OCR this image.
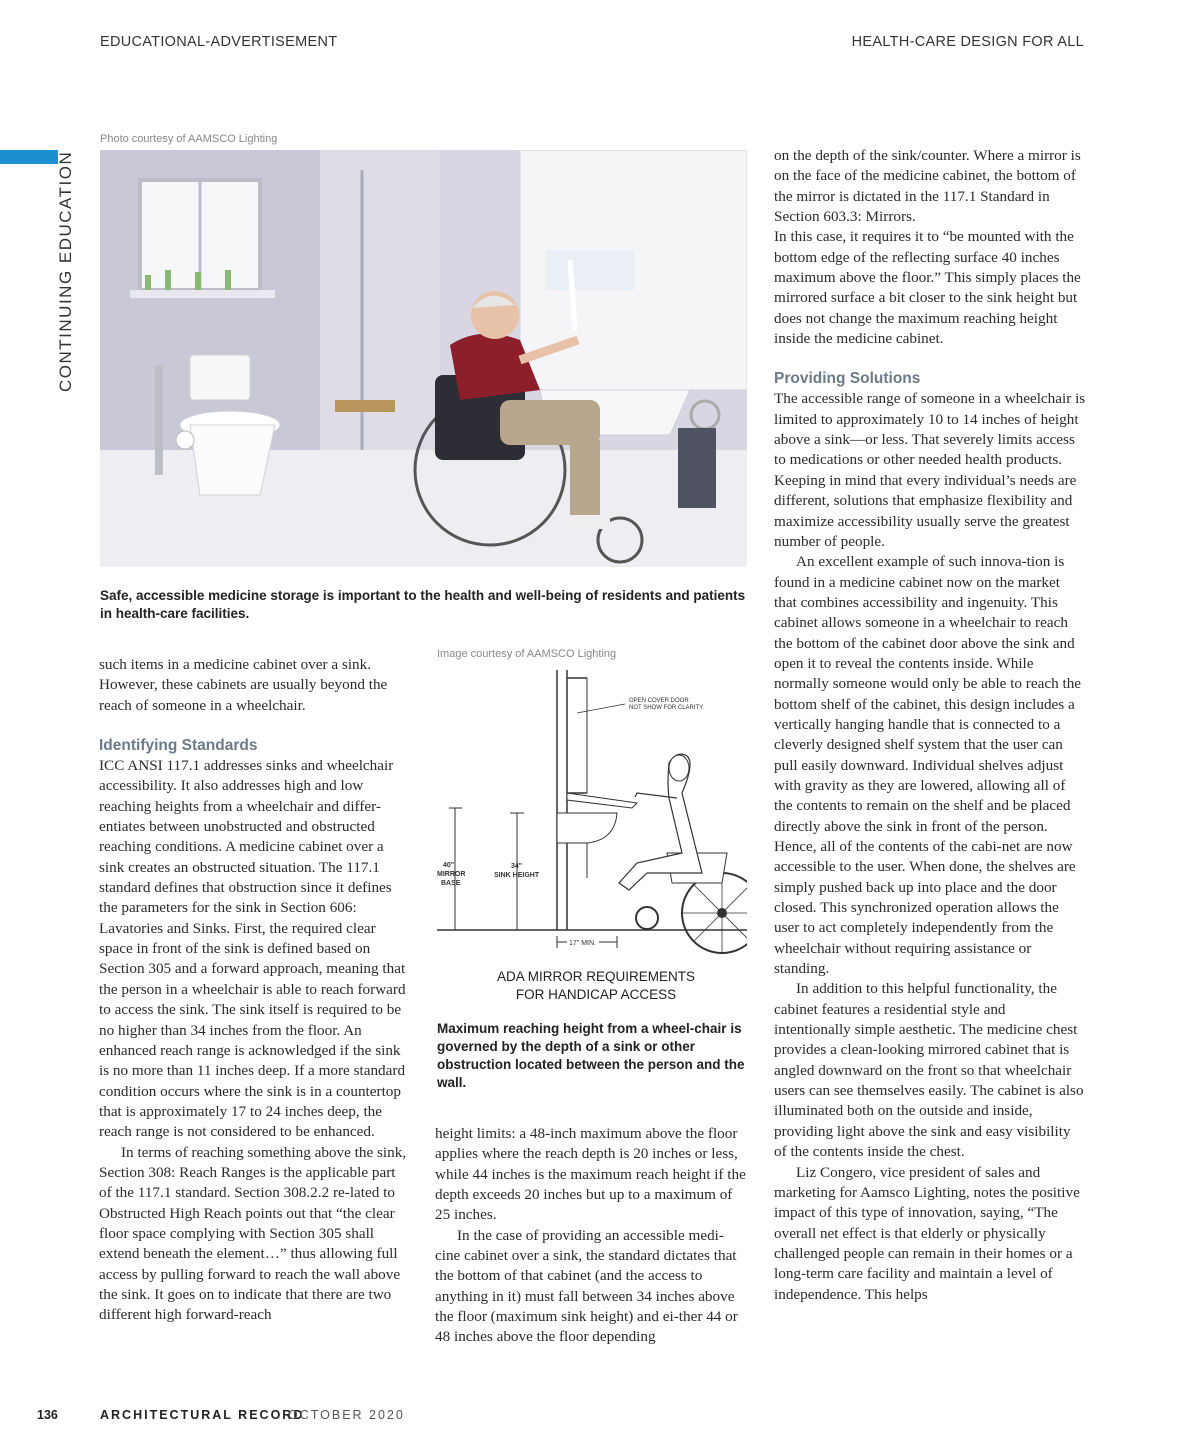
EDUCATIONAL-ADVERTISEMENT	HEALTH-CARE DESIGN FOR ALL
CONTINUING EDUCATION
Photo courtesy of AAMSCO Lighting
Safe, accessible medicine storage is important to the health and well-being of residents and patients in health-care facilities.
Image courtesy of AAMSCO Lighting
OPEN COVER DOOR
NOT SHOW FOR CLARITY
40"
MIRROR
BASE
34"
SINK HEIGHT
17" MIN.
ADA MIRROR REQUIREMENTS
FOR HANDICAP ACCESS
Maximum reaching height from a wheel-chair is governed by the depth of a sink or other obstruction located between the person and the wall.

such items in a medicine cabinet over a sink. However, these cabinets are usually beyond the reach of someone in a wheelchair.

Identifying Standards

ICC ANSI 117.1 addresses sinks and wheelchair accessibility. It also addresses high and low reaching heights from a wheelchair and differ-entiates between unobstructed and obstructed reaching conditions. A medicine cabinet over a sink creates an obstructed situation. The 117.1 standard defines that obstruction since it defines the parameters for the sink in Section 606: Lavatories and Sinks. First, the required clear space in front of the sink is defined based on Section 305 and a forward approach, meaning that the person in a wheelchair is able to reach forward to access the sink. The sink itself is required to be no higher than 34 inches from the floor. An enhanced reach range is acknowledged if the sink is no more than 11 inches deep. If a more standard condition occurs where the sink is in a countertop that is approximately 17 to 24 inches deep, the reach range is not considered to be enhanced.

In terms of reaching something above the sink, Section 308: Reach Ranges is the applicable part of the 117.1 standard. Section 308.2.2 re-lated to Obstructed High Reach points out that “the clear floor space complying with Section 305 shall extend beneath the element…” thus allowing full access by pulling forward to reach the wall above the sink. It goes on to indicate that there are two different high forward-reach

height limits: a 48-inch maximum above the floor applies where the reach depth is 20 inches or less, while 44 inches is the maximum reach height if the depth exceeds 20 inches but up to a maximum of 25 inches.

In the case of providing an accessible medi-cine cabinet over a sink, the standard dictates that the bottom of that cabinet (and the access to anything in it) must fall between 34 inches above the floor (maximum sink height) and ei-ther 44 or 48 inches above the floor depending

on the depth of the sink/counter. Where a mirror is on the face of the medicine cabinet, the bottom of the mirror is dictated in the 117.1 Standard in Section 603.3: Mirrors.

In this case, it requires it to “be mounted with the bottom edge of the reflecting surface 40 inches maximum above the floor.” This simply places the mirrored surface a bit closer to the sink height but does not change the maximum reaching height inside the medicine cabinet.

Providing Solutions

The accessible range of someone in a wheelchair is limited to approximately 10 to 14 inches of height above a sink—or less. That severely limits access to medications or other needed health products. Keeping in mind that every individual’s needs are different, solutions that emphasize flexibility and maximize accessibility usually serve the greatest number of people.

An excellent example of such innova-tion is found in a medicine cabinet now on the market that combines accessibility and ingenuity. This cabinet allows someone in a wheelchair to reach the bottom of the cabinet door above the sink and open it to reveal the contents inside. While normally someone would only be able to reach the bottom shelf of the cabinet, this design includes a vertically hanging handle that is connected to a cleverly designed shelf system that the user can pull easily downward. Individual shelves adjust with gravity as they are lowered, allowing all of the contents to remain on the shelf and be placed directly above the sink in front of the person. Hence, all of the contents of the cabi-net are now accessible to the user. When done, the shelves are simply pushed back up into place and the door closed. This synchronized operation allows the user to act completely independently from the wheelchair without requiring assistance or standing.

In addition to this helpful functionality, the cabinet features a residential style and intentionally simple aesthetic. The medicine chest provides a clean-looking mirrored cabinet that is angled downward on the front so that wheelchair users can see themselves easily. The cabinet is also illuminated both on the outside and inside, providing light above the sink and easy visibility of the contents inside the chest.

Liz Congero, vice president of sales and marketing for Aamsco Lighting, notes the positive impact of this type of innovation, saying, “The overall net effect is that elderly or physically challenged people can remain in their homes or a long-term care facility and maintain a level of independence. This helps

136	ARCHITECTURAL RECORD
OCTOBER 2020
